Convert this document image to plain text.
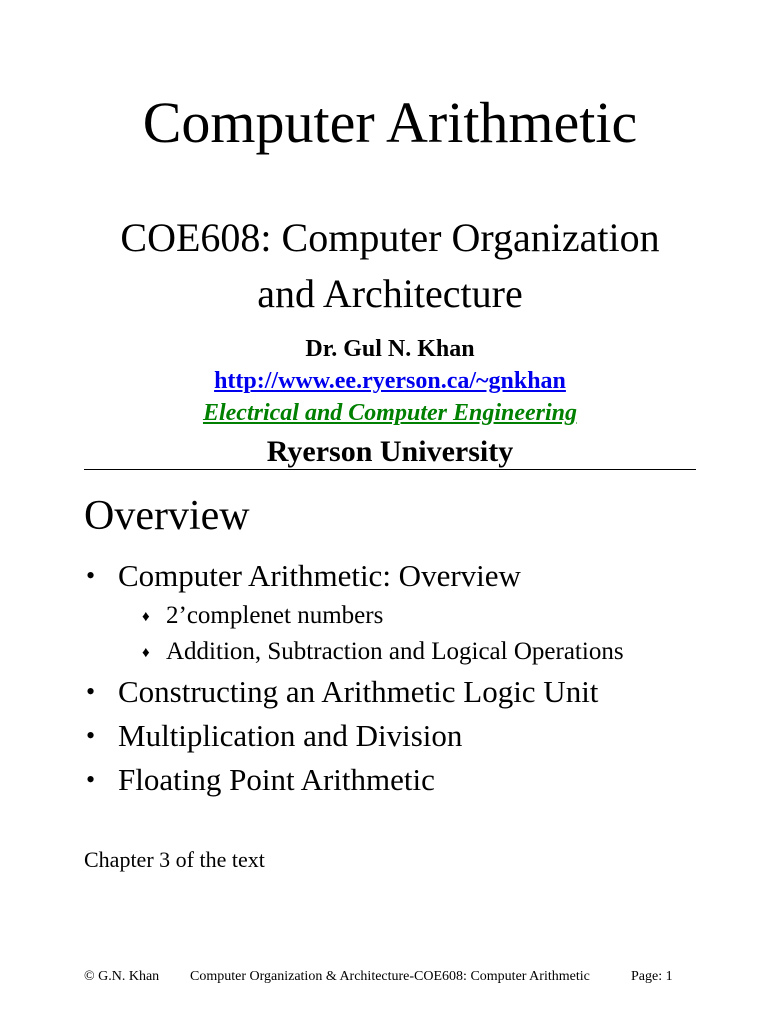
Computer Arithmetic
COE608: Computer Organization
and Architecture
Dr. Gul N. Khan
http://www.ee.ryerson.ca/~gnkhan
Electrical and Computer Engineering
Ryerson University
Overview
• Computer Arithmetic: Overview
♦ 2’complenet numbers
♦ Addition, Subtraction and Logical Operations
• Constructing an Arithmetic Logic Unit
• Multiplication and Division
• Floating Point Arithmetic
Chapter 3 of the text
© G.N. Khan Computer Organization & Architecture-COE608: Computer Arithmetic	Page: 1
